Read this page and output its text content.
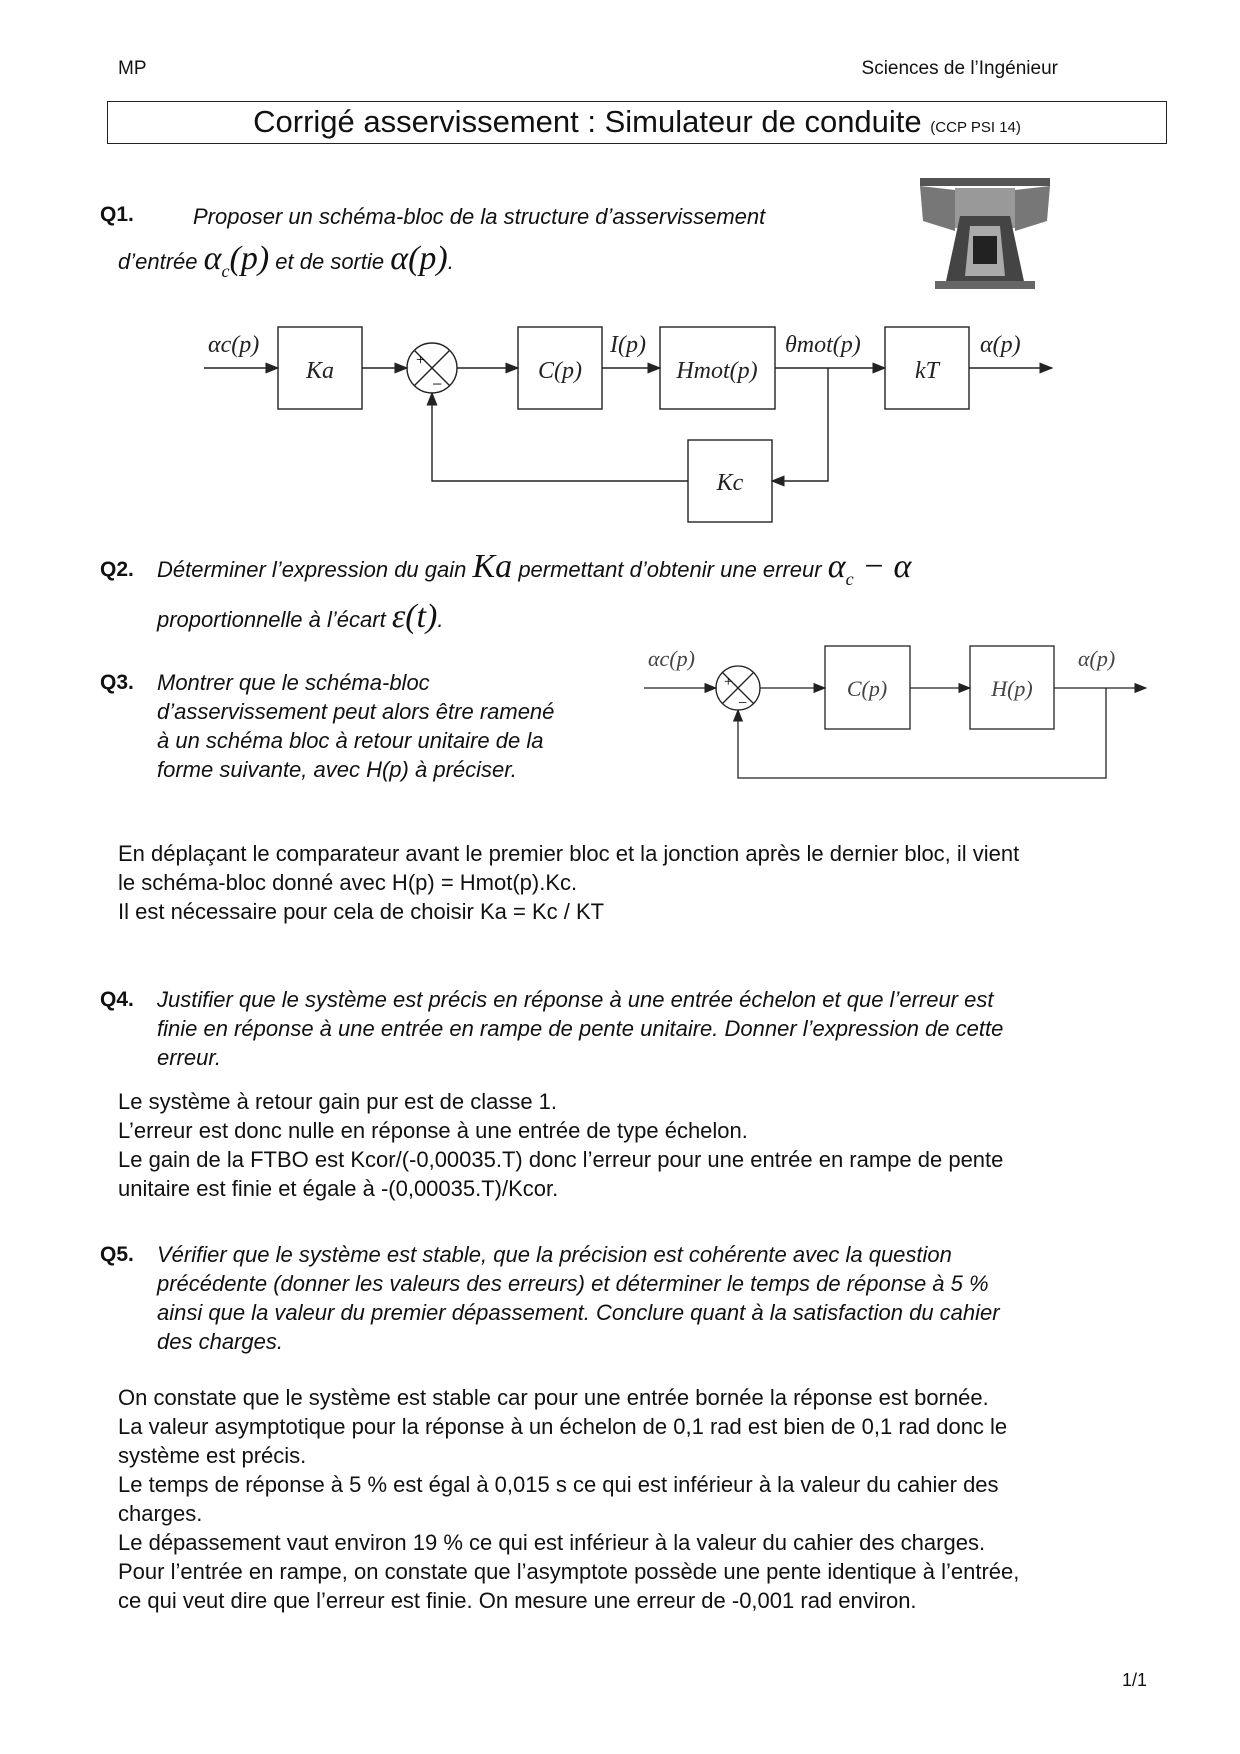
MP	Sciences de l’Ingénieur
Corrigé asservissement : Simulateur de conduite (CCP PSI 14)
Q1.	Proposer un schéma-bloc de la structure d’asservissement
d’entrée $\alpha_c(p)$ et de sortie α(p).
+
−
αc(p)
Ka	C(p)	Hmot(p)	kT
Kc
I(p)	θmot(p)	α(p)
Q2. Déterminer l’expression du gain Ka permettant d’obtenir une erreur $\alpha_c - \alpha$
proportionnelle à l’écart ε(t).
Q3. Montrer que le schéma-bloc
d’asservissement peut alors être ramené
à un schéma bloc à retour unitaire de la
forme suivante, avec H(p) à préciser.
+
−
αc(p)
C(p)	H(p)
α(p)

En déplaçant le comparateur avant le premier bloc et la jonction après le dernier bloc, il vient

le schéma-bloc donné avec H(p) = Hmot(p).Kc.

Il est nécessaire pour cela de choisir Ka = Kc / KT

Q4. Justifier que le système est précis en réponse à une entrée échelon et que l’erreur est
finie en réponse à une entrée en rampe de pente unitaire. Donner l’expression de cette
erreur.

Le système à retour gain pur est de classe 1.

L’erreur est donc nulle en réponse à une entrée de type échelon.

Le gain de la FTBO est Kcor/(-0,00035.T) donc l’erreur pour une entrée en rampe de pente

unitaire est finie et égale à -(0,00035.T)/Kcor.

Q5. Vérifier que le système est stable, que la précision est cohérente avec la question
précédente (donner les valeurs des erreurs) et déterminer le temps de réponse à 5 %
ainsi que la valeur du premier dépassement. Conclure quant à la satisfaction du cahier
des charges.

On constate que le système est stable car pour une entrée bornée la réponse est bornée.

La valeur asymptotique pour la réponse à un échelon de 0,1 rad est bien de 0,1 rad donc le

système est précis.

Le temps de réponse à 5 % est égal à 0,015 s ce qui est inférieur à la valeur du cahier des

charges.

Le dépassement vaut environ 19 % ce qui est inférieur à la valeur du cahier des charges.

Pour l’entrée en rampe, on constate que l’asymptote possède une pente identique à l’entrée,

ce qui veut dire que l’erreur est finie. On mesure une erreur de -0,001 rad environ.

1/1
